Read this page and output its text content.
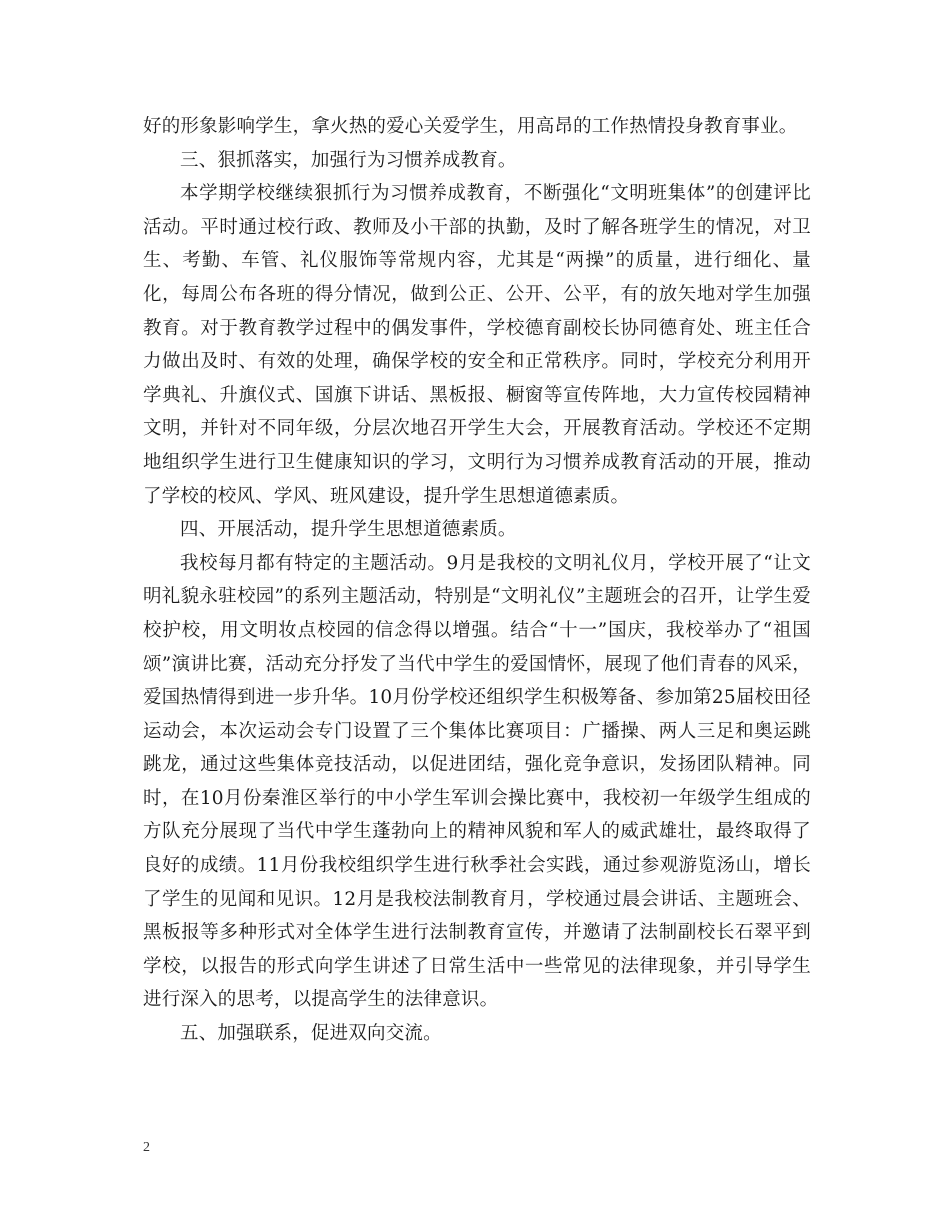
好的形象影响学生，拿火热的爱心关爱学生，用高昂的工作热情投身教育事业。

三、狠抓落实，加强行为习惯养成教育。

本学期学校继续狠抓行为习惯养成教育，不断强化“文明班集体”的创建评比活动。平时通过校行政、教师及小干部的执勤，及时了解各班学生的情况，对卫生、考勤、车管、礼仪服饰等常规内容，尤其是“两操”的质量，进行细化、量化，每周公布各班的得分情况，做到公正、公开、公平，有的放矢地对学生加强教育。对于教育教学过程中的偶发事件，学校德育副校长协同德育处、班主任合力做出及时、有效的处理，确保学校的安全和正常秩序。同时，学校充分利用开学典礼、升旗仪式、国旗下讲话、黑板报、橱窗等宣传阵地，大力宣传校园精神文明，并针对不同年级，分层次地召开学生大会，开展教育活动。学校还不定期地组织学生进行卫生健康知识的学习，文明行为习惯养成教育活动的开展，推动了学校的校风、学风、班风建设，提升学生思想道德素质。

四、开展活动，提升学生思想道德素质。

我校每月都有特定的主题活动。9月是我校的文明礼仪月，学校开展了“让文明礼貌永驻校园”的系列主题活动，特别是“文明礼仪”主题班会的召开，让学生爱校护校，用文明妆点校园的信念得以增强。结合“十一”国庆，我校举办了“祖国颂”演讲比赛，活动充分抒发了当代中学生的爱国情怀，展现了他们青春的风采，爱国热情得到进一步升华。10月份学校还组织学生积极筹备、参加第25届校田径运动会，本次运动会专门设置了三个集体比赛项目：广播操、两人三足和奥运跳跳龙，通过这些集体竞技活动，以促进团结，强化竞争意识，发扬团队精神。同时，在10月份秦淮区举行的中小学生军训会操比赛中，我校初一年级学生组成的方队充分展现了当代中学生蓬勃向上的精神风貌和军人的威武雄壮，最终取得了良好的成绩。11月份我校组织学生进行秋季社会实践，通过参观游览汤山，增长了学生的见闻和见识。12月是我校法制教育月，学校通过晨会讲话、主题班会、黑板报等多种形式对全体学生进行法制教育宣传，并邀请了法制副校长石翠平到学校，以报告的形式向学生讲述了日常生活中一些常见的法律现象，并引导学生进行深入的思考，以提高学生的法律意识。

五、加强联系，促进双向交流。

2
